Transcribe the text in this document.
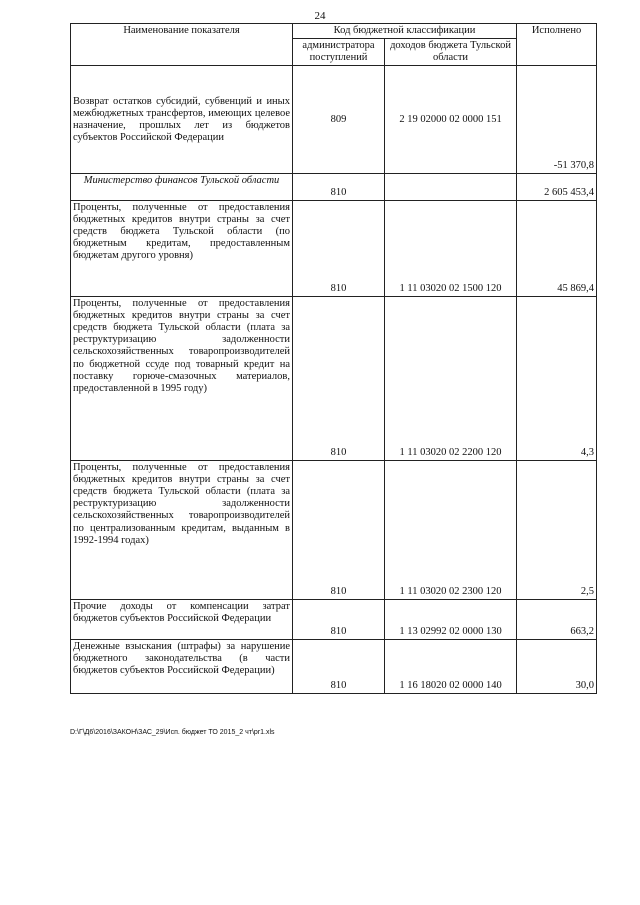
24
Наименование показателя	Код бюджетной классификации		Исполнено
	администратора поступлений	доходов бюджета Тульской области	
Возврат остатков субсидий, субвенций и иных межбюджетных трансфертов, имеющих целевое назначение, прошлых лет из бюджетов субъектов Российской Федерации	809	2 19 02000 02 0000 151	-51 370,8
Министерство финансов Тульской области	810		2 605 453,4
Проценты, полученные от предоставления бюджетных кредитов внутри страны за счет средств бюджета Тульской области (по бюджетным кредитам, предоставленным бюджетам другого уровня)	810	1 11 03020 02 1500 120	45 869,4
Проценты, полученные от предоставления бюджетных кредитов внутри страны за счет средств бюджета Тульской области (плата за реструктуризацию задолженности сельскохозяйственных товаропроизводителей по бюджетной ссуде под товарный кредит на поставку горюче-смазочных материалов, предоставленной в 1995 году)	810	1 11 03020 02 2200 120	4,3
Проценты, полученные от предоставления бюджетных кредитов внутри страны за счет средств бюджета Тульской области (плата за реструктуризацию задолженности сельскохозяйственных товаропроизводителей по централизованным кредитам, выданным в 1992-1994 годах)	810	1 11 03020 02 2300 120	2,5
Прочие доходы от компенсации затрат бюджетов субъектов Российской Федерации	810	1 13 02992 02 0000 130	663,2
Денежные взыскания (штрафы) за нарушение бюджетного законодательства (в части бюджетов субъектов Российской Федерации)	810	1 16 18020 02 0000 140	30,0
D:\Г\Д6\2016\ЗАКОН\ЗАС_29\Исп. бюджет ТО 2015_2 чт\pr1.xls
